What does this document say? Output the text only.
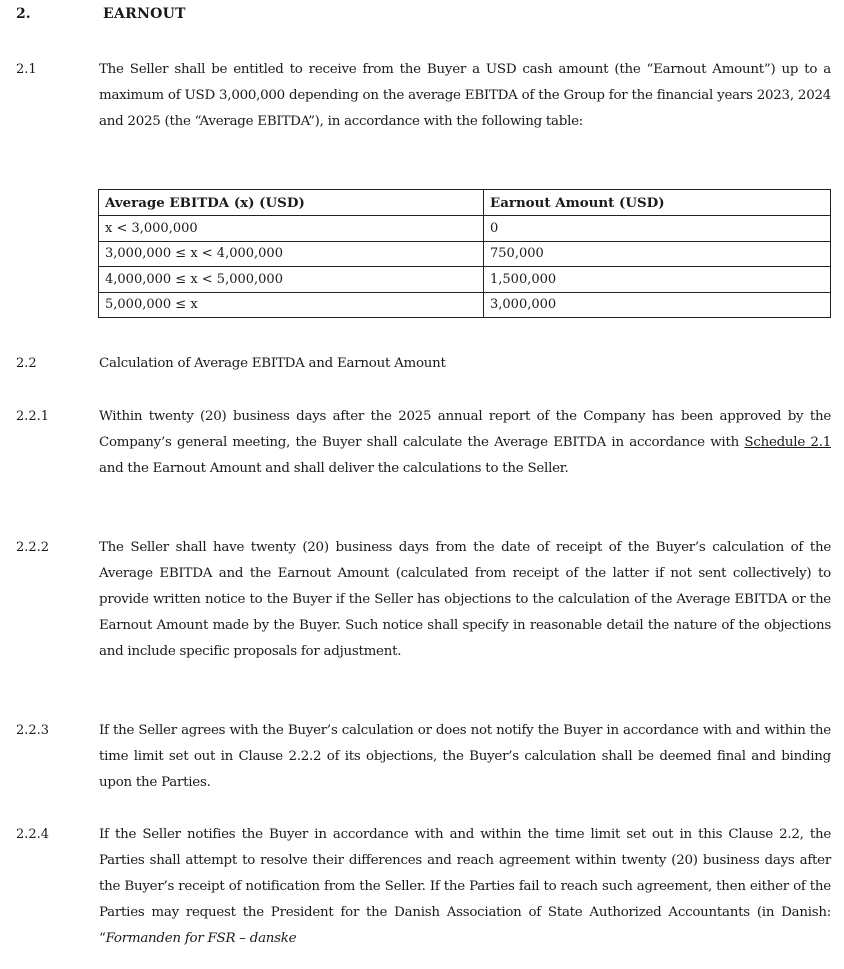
2.	EARNOUT
2.1	The Seller shall be entitled to receive from the Buyer a USD cash amount (the “Earnout Amount”) up to a maximum of USD 3,000,000 depending on the average EBITDA of the Group for the financial years 2023, 2024 and 2025 (the “Average EBITDA”), in accordance with the following table:
Average EBITDA (x) (USD)	Earnout Amount (USD)
x < 3,000,000	0
3,000,000 ≤ x < 4,000,000	750,000
4,000,000 ≤ x < 5,000,000	1,500,000
5,000,000 ≤ x	3,000,000
2.2	Calculation of Average EBITDA and Earnout Amount
2.2.1	Within twenty (20) business days after the 2025 annual report of the Company has been approved by the Company’s general meeting, the Buyer shall calculate the Average EBITDA in accordance with Schedule 2.1 and the Earnout Amount and shall deliver the calculations to the Seller.
2.2.2	The Seller shall have twenty (20) business days from the date of receipt of the Buyer’s calculation of the Average EBITDA and the Earnout Amount (calculated from receipt of the latter if not sent collectively) to provide written notice to the Buyer if the Seller has objections to the calculation of the Average EBITDA or the Earnout Amount made by the Buyer. Such notice shall specify in reasonable detail the nature of the objections and include specific proposals for adjustment.
2.2.3	If the Seller agrees with the Buyer’s calculation or does not notify the Buyer in accordance with and within the time limit set out in Clause 2.2.2 of its objections, the Buyer’s calculation shall be deemed final and binding upon the Parties.
2.2.4	If the Seller notifies the Buyer in accordance with and within the time limit set out in this Clause 2.2, the Parties shall attempt to resolve their differences and reach agreement within twenty (20) business days after the Buyer’s receipt of notification from the Seller. If the Parties fail to reach such agreement, then either of the Parties may request the President for the Danish Association of State Authorized Accountants (in Danish: “Formanden for FSR – danske
